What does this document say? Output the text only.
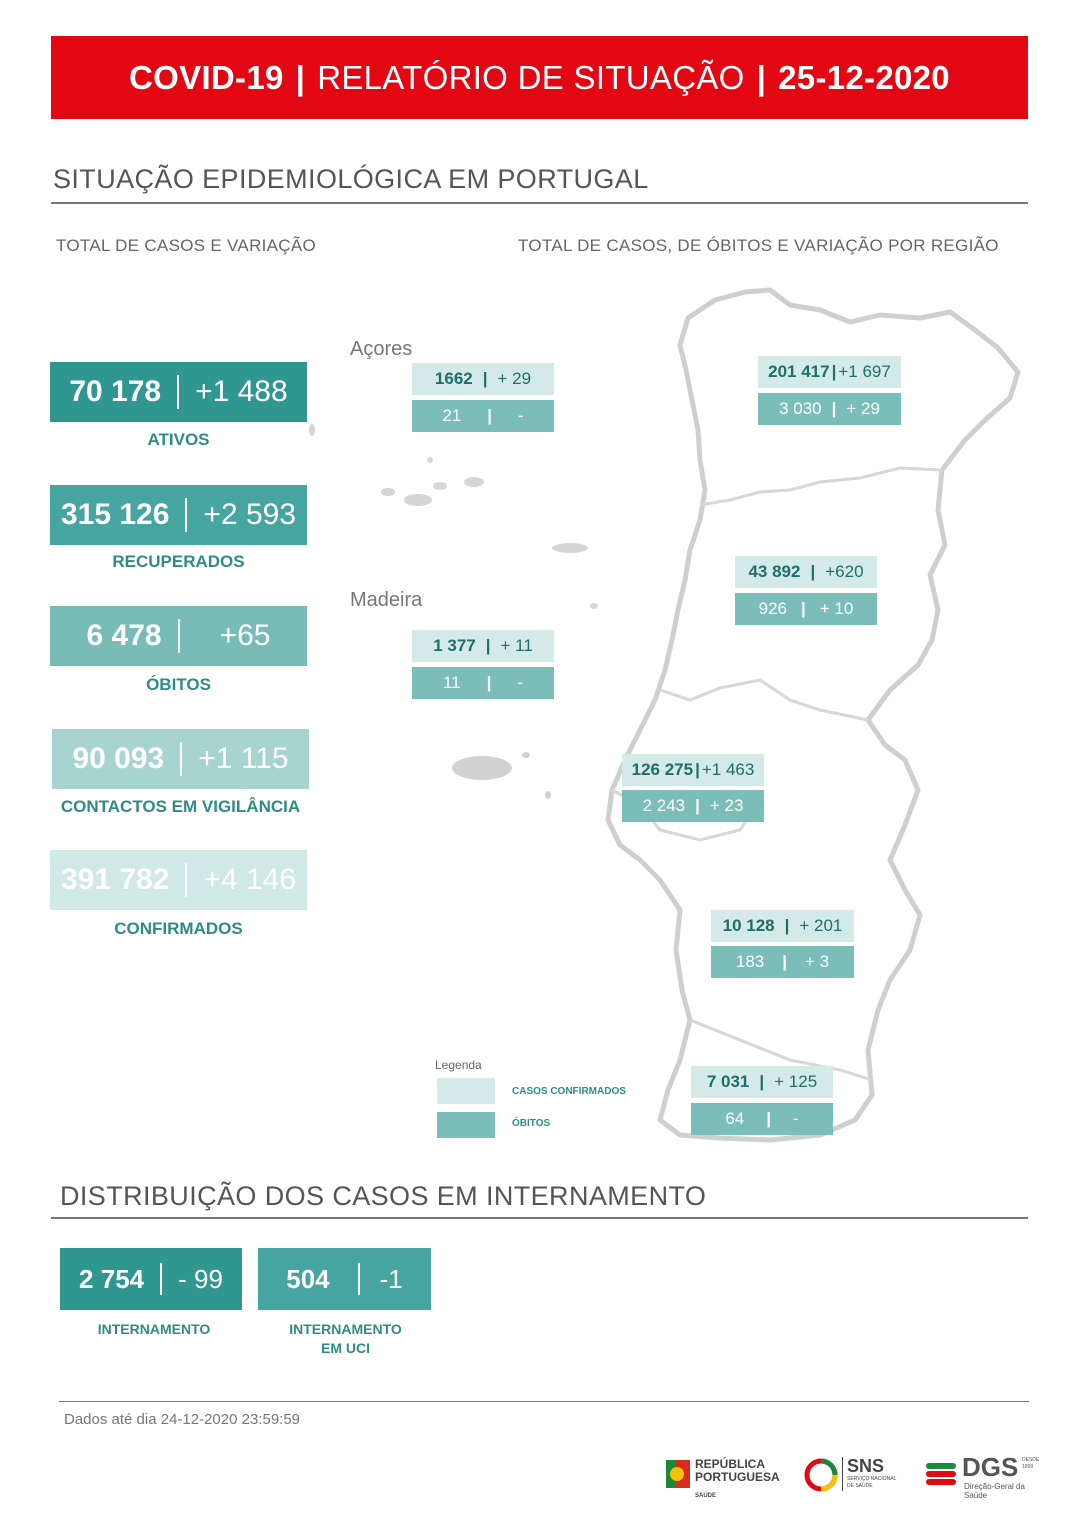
COVID-19 | RELATÓRIO DE SITUAÇÃO | 25-12-2020
SITUAÇÃO EPIDEMIOLÓGICA EM PORTUGAL
TOTAL DE CASOS E VARIAÇÃO	TOTAL DE CASOS, DE ÓBITOS E VARIAÇÃO POR REGIÃO
70 178 +1 488
ATIVOS
315 126 +2 593
RECUPERADOS
6 478 +65
ÓBITOS
90 093 +1 115
CONTACTOS EM VIGILÂNCIA
391 782 +4 146
CONFIRMADOS
Açores
Madeira
1662 | + 29
21 | -
1 377 | + 11
11 | -
201 417 | +1 697
3 030 | + 29
43 892 | +620
926 | + 10
126 275 | +1 463
2 243 | + 23
10 128 | + 201
183 | + 3
7 031 | + 125
64 | -
Legenda
CASOS CONFIRMADOS
ÓBITOS
DISTRIBUIÇÃO DOS CASOS EM INTERNAMENTO
2 754 - 99
INTERNAMENTO
504 -1
INTERNAMENTO
EM UCI
Dados até dia 24-12-2020 23:59:59
REPÚBLICA
PORTUGUESA
SAÚDE
SNS
SERVIÇO NACIONAL
DE SAÚDE
DGS DESDE
1899
Direção-Geral da Saúde
